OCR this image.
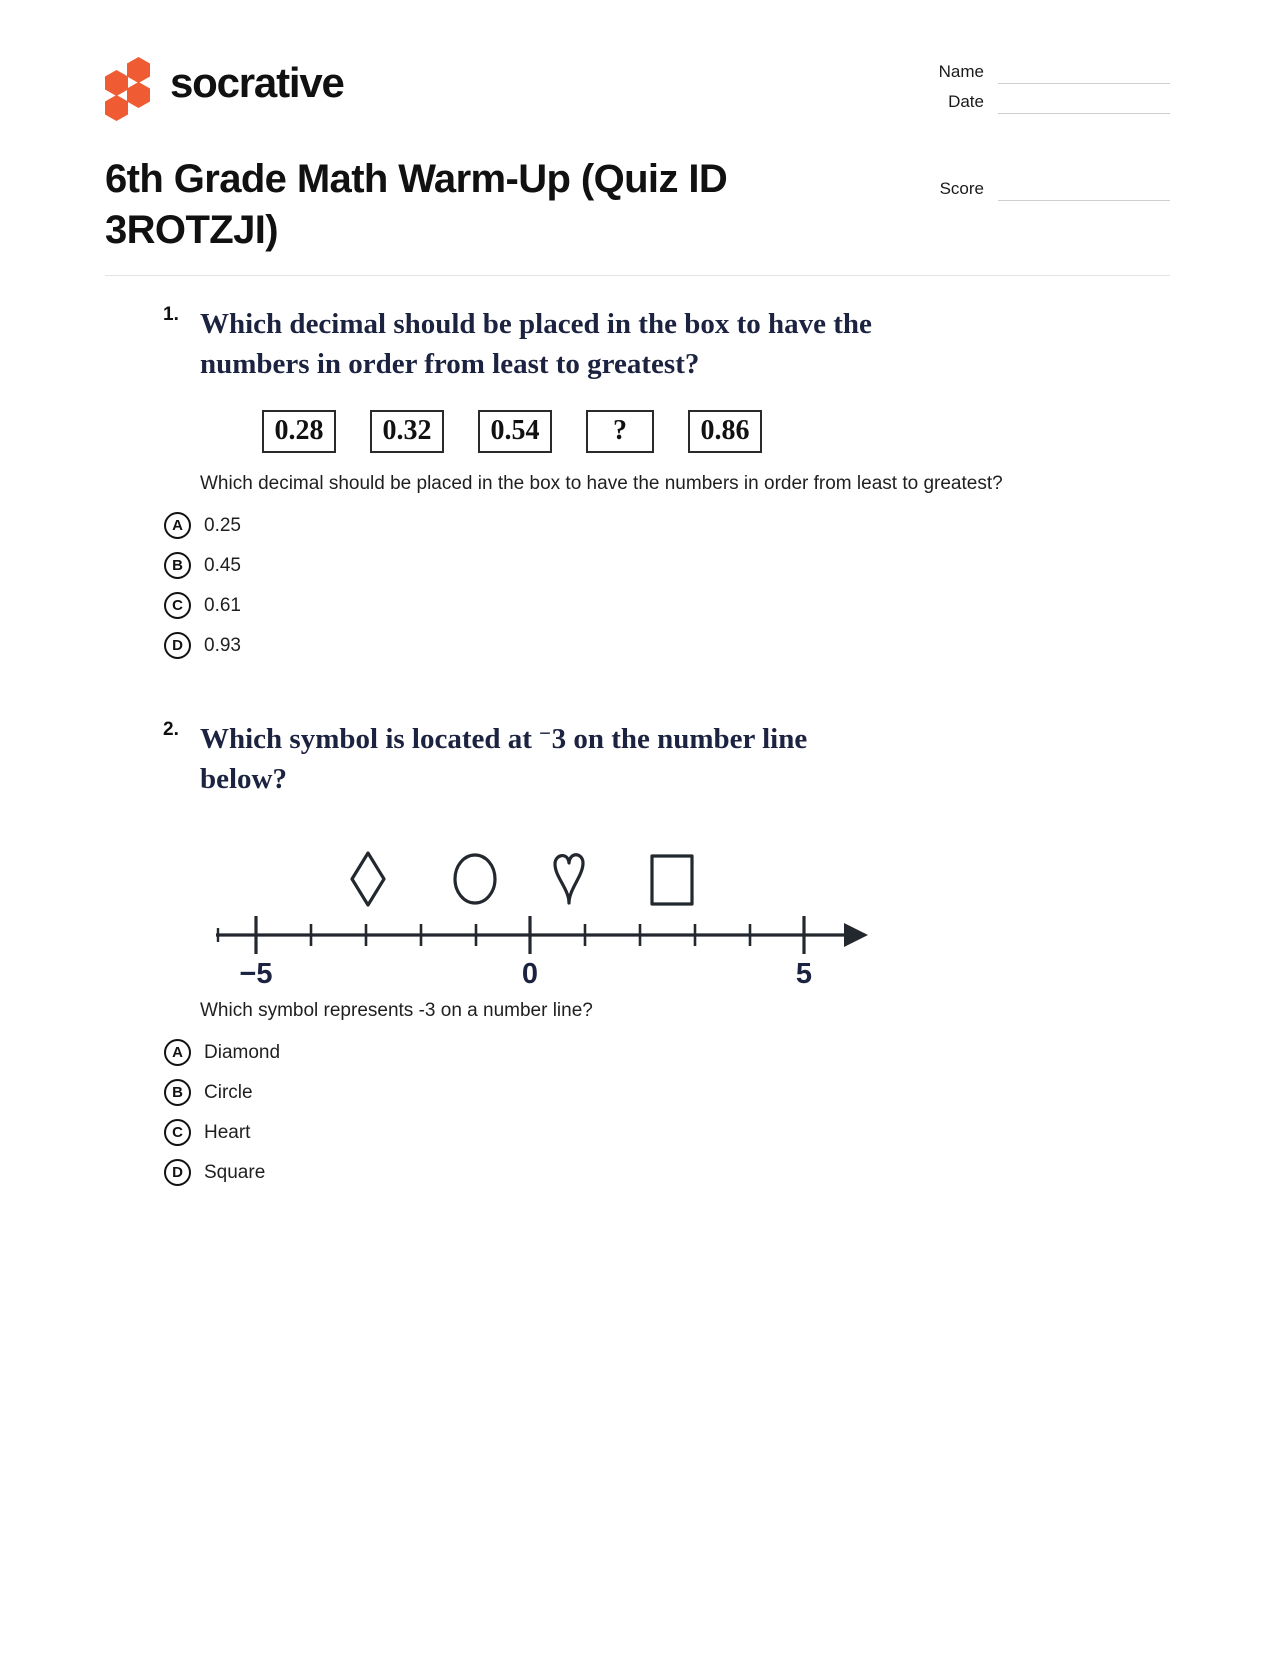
socrative
6th Grade Math Warm-Up (Quiz ID 3ROTZJI)
Name
Date
Score
1. Which decimal should be placed in the box to have the numbers in order from least to greatest?
0.28	0.32	0.54	?	0.86
Which decimal should be placed in the box to have the numbers in order from least to greatest?
A	0.25
B	0.45
C	0.61
D	0.93
2. Which symbol is located at −3 on the number line below?
−5	0	5
Which symbol represents -3 on a number line?
A	Diamond
B	Circle
C	Heart
D	Square
